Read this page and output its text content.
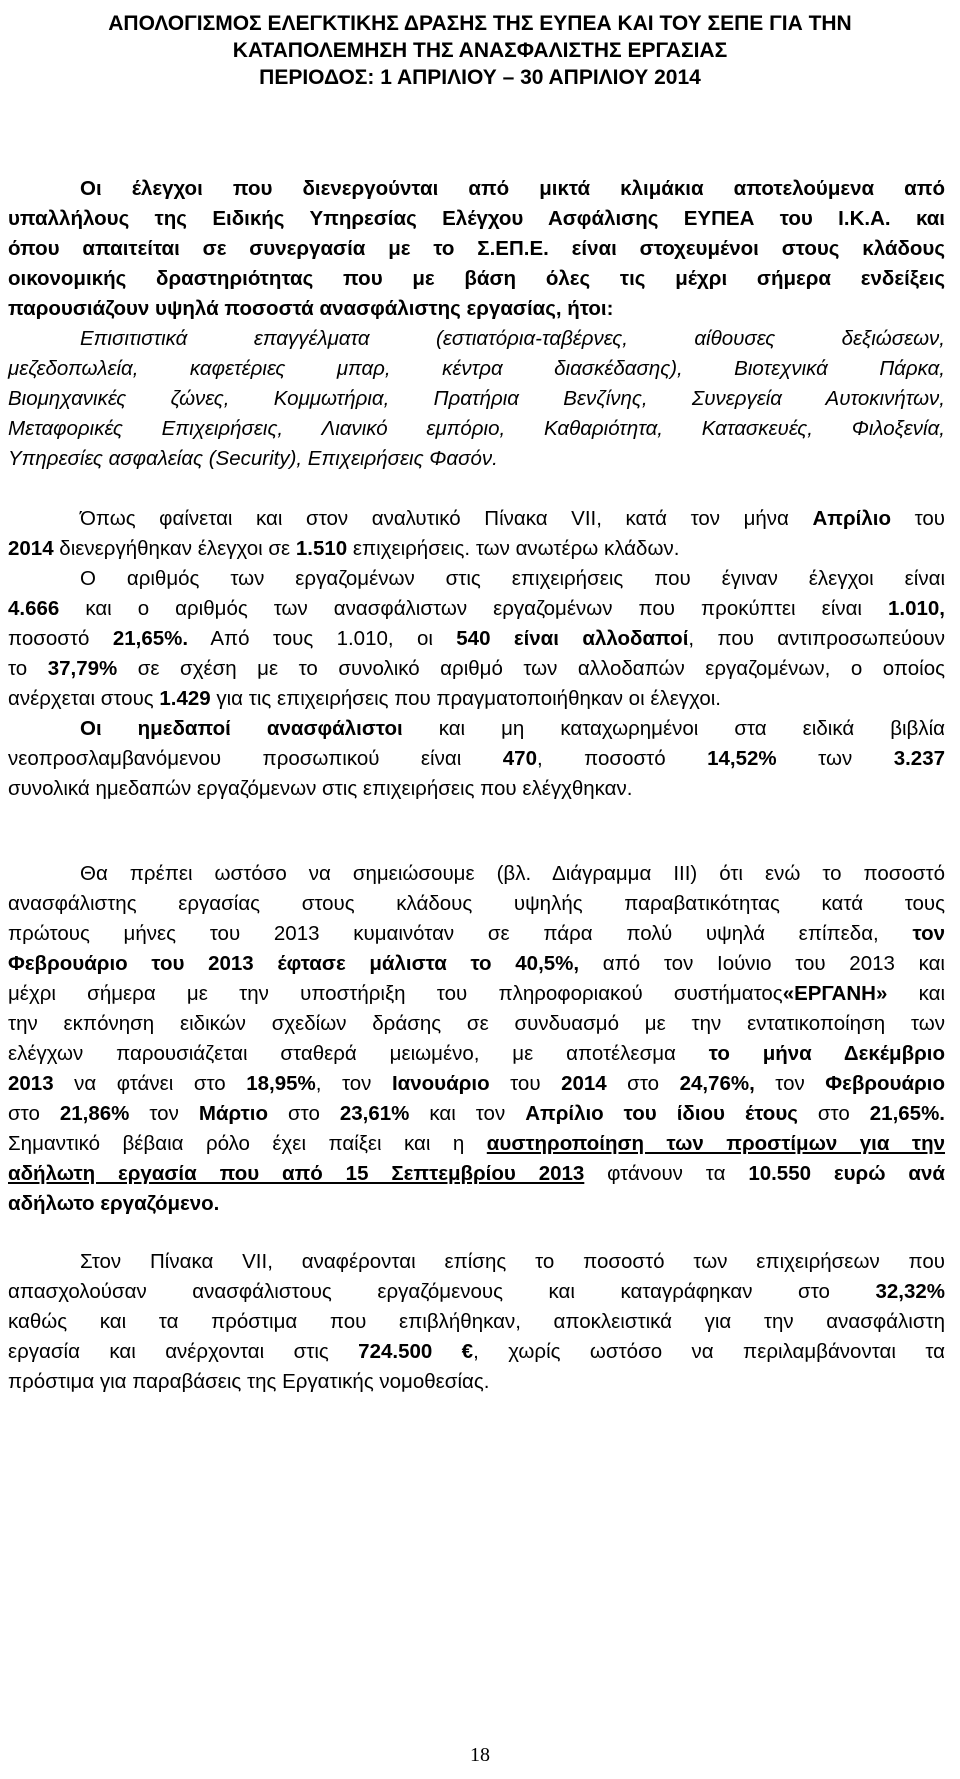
ΑΠΟΛΟΓΙΣΜΟΣ ΕΛΕΓΚΤΙΚΗΣ ΔΡΑΣΗΣ ΤΗΣ ΕΥΠΕΑ ΚΑΙ ΤΟΥ ΣΕΠΕ ΓΙΑ ΤΗΝ
ΚΑΤΑΠΟΛΕΜΗΣΗ ΤΗΣ ΑΝΑΣΦΑΛΙΣΤΗΣ ΕΡΓΑΣΙΑΣ
ΠΕΡΙΟΔΟΣ: 1 ΑΠΡΙΛΙΟΥ – 30 ΑΠΡΙΛΙΟΥ 2014
Οι έλεγχοι που διενεργούνται από μικτά κλιμάκια αποτελούμενα από
υπαλλήλους της Ειδικής Υπηρεσίας Ελέγχου Ασφάλισης ΕΥΠΕΑ του Ι.Κ.Α. και
όπου απαιτείται σε συνεργασία με το Σ.ΕΠ.Ε. είναι στοχευμένοι στους κλάδους
οικονομικής δραστηριότητας που με βάση όλες τις μέχρι σήμερα ενδείξεις
παρουσιάζουν υψηλά ποσοστά ανασφάλιστης εργασίας, ήτοι:
Επισιτιστικά επαγγέλματα (εστιατόρια-ταβέρνες, αίθουσες δεξιώσεων,
μεζεδοπωλεία, καφετέριες μπαρ, κέντρα διασκέδασης), Βιοτεχνικά Πάρκα,
Βιομηχανικές ζώνες, Κομμωτήρια, Πρατήρια Βενζίνης, Συνεργεία Αυτοκινήτων,
Μεταφορικές Επιχειρήσεις, Λιανικό εμπόριο, Καθαριότητα, Κατασκευές, Φιλοξενία,
Υπηρεσίες ασφαλείας (Security), Επιχειρήσεις Φασόν.
Όπως φαίνεται και στον αναλυτικό Πίνακα VII, κατά τον μήνα Απρίλιο του
2014 διενεργήθηκαν έλεγχοι σε 1.510 επιχειρήσεις. των ανωτέρω κλάδων.
Ο αριθμός των εργαζομένων στις επιχειρήσεις που έγιναν έλεγχοι είναι
4.666 και ο αριθμός των ανασφάλιστων εργαζομένων που προκύπτει είναι 1.010,
ποσοστό 21,65%. Από τους 1.010, οι 540 είναι αλλοδαποί, που αντιπροσωπεύουν
το 37,79% σε σχέση με το συνολικό αριθμό των αλλοδαπών εργαζομένων, ο οποίος
ανέρχεται στους 1.429 για τις επιχειρήσεις που πραγματοποιήθηκαν οι έλεγχοι.
Οι ημεδαποί ανασφάλιστοι και μη καταχωρημένοι στα ειδικά βιβλία
νεοπροσλαμβανόμενου προσωπικού είναι 470, ποσοστό 14,52% των 3.237
συνολικά ημεδαπών εργαζόμενων στις επιχειρήσεις που ελέγχθηκαν.
Θα πρέπει ωστόσο να σημειώσουμε (βλ. Διάγραμμα ΙΙΙ) ότι ενώ το ποσοστό
ανασφάλιστης εργασίας στους κλάδους υψηλής παραβατικότητας κατά τους
πρώτους μήνες του 2013 κυμαινόταν σε πάρα πολύ υψηλά επίπεδα, τον
Φεβρουάριο του 2013 έφτασε μάλιστα το 40,5%, από τον Ιούνιο του 2013 και
μέχρι σήμερα με την υποστήριξη του πληροφοριακού συστήματος«ΕΡΓΑΝΗ» και
την εκπόνηση ειδικών σχεδίων δράσης σε συνδυασμό με την εντατικοποίηση των
ελέγχων παρουσιάζεται σταθερά μειωμένο, με αποτέλεσμα το μήνα Δεκέμβριο
2013 να φτάνει στο 18,95%, τον Ιανουάριο του 2014 στο 24,76%, τον Φεβρουάριο
στο 21,86% τον Μάρτιο στο 23,61% και τον Απρίλιο του ίδιου έτους στο 21,65%.
Σημαντικό βέβαια ρόλο έχει παίξει και η αυστηροποίηση των προστίμων για την
αδήλωτη εργασία που από 15 Σεπτεμβρίου 2013 φτάνουν τα 10.550 ευρώ ανά
αδήλωτο εργαζόμενο.
Στον Πίνακα VII, αναφέρονται επίσης το ποσοστό των επιχειρήσεων που
απασχολούσαν ανασφάλιστους εργαζόμενους και καταγράφηκαν στο 32,32%
καθώς και τα πρόστιμα που επιβλήθηκαν, αποκλειστικά για την ανασφάλιστη
εργασία και ανέρχονται στις 724.500 €, χωρίς ωστόσο να περιλαμβάνονται τα
πρόστιμα για παραβάσεις της Εργατικής νομοθεσίας.
18
